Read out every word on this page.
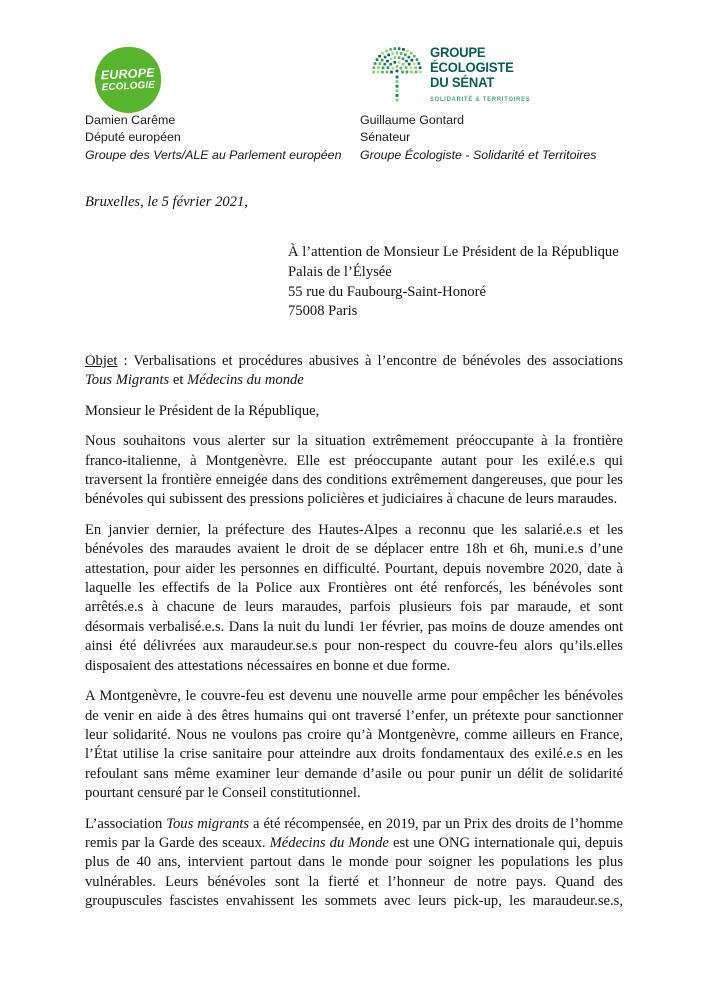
EUROPE
ECOLOGIE
GROUPE
ÉCOLOGISTE
DU SÉNAT
SOLIDARITÉ & TERRITOIRES
Damien Carême
Député européen
Groupe des Verts/ALE au Parlement européen
Guillaume Gontard
Sénateur
Groupe Écologiste - Solidarité et Territoires
Bruxelles, le 5 février 2021,
À l’attention de Monsieur Le Président de la République
Palais de l’Élysée
55 rue du Faubourg-Saint-Honoré
75008 Paris

Objet : Verbalisations et procédures abusives à l’encontre de bénévoles des associations Tous Migrants et Médecins du monde

Monsieur le Président de la République,

Nous souhaitons vous alerter sur la situation extrêmement préoccupante à la frontière franco-italienne, à Montgenèvre. Elle est préoccupante autant pour les exilé.e.s qui traversent la frontière enneigée dans des conditions extrêmement dangereuses, que pour les bénévoles qui subissent des pressions policières et judiciaires à chacune de leurs maraudes.

En janvier dernier, la préfecture des Hautes-Alpes a reconnu que les salarié.e.s et les bénévoles des maraudes avaient le droit de se déplacer entre 18h et 6h, muni.e.s d’une attestation, pour aider les personnes en difficulté. Pourtant, depuis novembre 2020, date à laquelle les effectifs de la Police aux Frontières ont été renforcés, les bénévoles sont arrêtés.e.s à chacune de leurs maraudes, parfois plusieurs fois par maraude, et sont désormais verbalisé.e.s. Dans la nuit du lundi 1er février, pas moins de douze amendes ont ainsi été délivrées aux maraudeur.se.s pour non-respect du couvre-feu alors qu’ils.elles disposaient des attestations nécessaires en bonne et due forme.

A Montgenèvre, le couvre-feu est devenu une nouvelle arme pour empêcher les bénévoles de venir en aide à des êtres humains qui ont traversé l’enfer, un prétexte pour sanctionner leur solidarité. Nous ne voulons pas croire qu’à Montgenèvre, comme ailleurs en France, l’État utilise la crise sanitaire pour atteindre aux droits fondamentaux des exilé.e.s en les refoulant sans même examiner leur demande d’asile ou pour punir un délit de solidarité pourtant censuré par le Conseil constitutionnel.

L’association Tous migrants a été récompensée, en 2019, par un Prix des droits de l’homme remis par la Garde des sceaux. Médecins du Monde est une ONG internationale qui, depuis plus de 40 ans, intervient partout dans le monde pour soigner les populations les plus vulnérables. Leurs bénévoles sont la fierté et l’honneur de notre pays. Quand des groupuscules fascistes envahissent les sommets avec leurs pick-up, les maraudeur.se.s,
